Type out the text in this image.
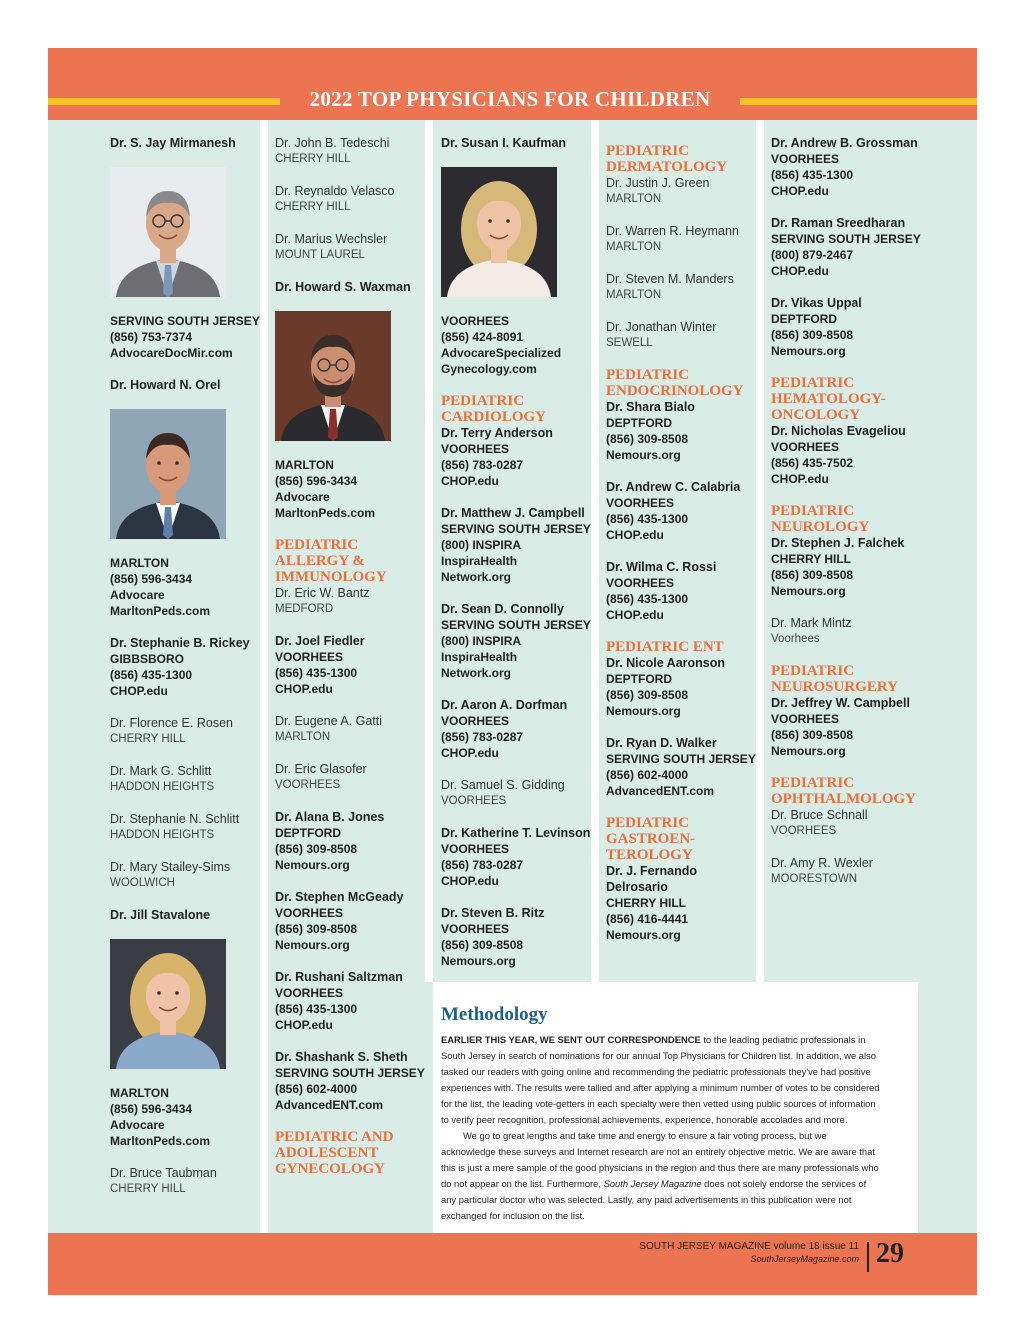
2022 TOP PHYSICIANS FOR CHILDREN
Dr. S. Jay Mirmanesh
SERVING SOUTH JERSEY
(856) 753-7374
AdvocareDocMir.com
Dr. Howard N. Orel
MARLTON
(856) 596-3434
Advocare
MarltonPeds.com
Dr. Stephanie B. Rickey
GIBBSBORO
(856) 435-1300
CHOP.edu
Dr. Florence E. Rosen
CHERRY HILL
Dr. Mark G. Schlitt
HADDON HEIGHTS
Dr. Stephanie N. Schlitt
HADDON HEIGHTS
Dr. Mary Stailey-Sims
WOOLWICH
Dr. Jill Stavalone
MARLTON
(856) 596-3434
Advocare
MarltonPeds.com
Dr. Bruce Taubman
CHERRY HILL
Dr. John B. Tedeschi
CHERRY HILL
Dr. Reynaldo Velasco
CHERRY HILL
Dr. Marius Wechsler
MOUNT LAUREL
Dr. Howard S. Waxman
MARLTON
(856) 596-3434
Advocare
MarltonPeds.com
PEDIATRIC ALLERGY & IMMUNOLOGY
Dr. Eric W. Bantz
MEDFORD
Dr. Joel Fiedler
VOORHEES
(856) 435-1300
CHOP.edu
Dr. Eugene A. Gatti
MARLTON
Dr. Eric Glasofer
VOORHEES
Dr. Alana B. Jones
DEPTFORD
(856) 309-8508
Nemours.org
Dr. Stephen McGeady
VOORHEES
(856) 309-8508
Nemours.org
Dr. Rushani Saltzman
VOORHEES
(856) 435-1300
CHOP.edu
Dr. Shashank S. Sheth
SERVING SOUTH JERSEY
(856) 602-4000
AdvancedENT.com
PEDIATRIC AND ADOLESCENT GYNECOLOGY
Dr. Susan I. Kaufman
VOORHEES
(856) 424-8091
AdvocareSpecialized
Gynecology.com
PEDIATRIC CARDIOLOGY
Dr. Terry Anderson
VOORHEES
(856) 783-0287
CHOP.edu
Dr. Matthew J. Campbell
SERVING SOUTH JERSEY
(800) INSPIRA
InspiraHealth
Network.org
Dr. Sean D. Connolly
SERVING SOUTH JERSEY
(800) INSPIRA
InspiraHealth
Network.org
Dr. Aaron A. Dorfman
VOORHEES
(856) 783-0287
CHOP.edu
Dr. Samuel S. Gidding
VOORHEES
Dr. Katherine T. Levinson
VOORHEES
(856) 783-0287
CHOP.edu
Dr. Steven B. Ritz
VOORHEES
(856) 309-8508
Nemours.org
PEDIATRIC DERMATOLOGY
Dr. Justin J. Green
MARLTON
Dr. Warren R. Heymann
MARLTON
Dr. Steven M. Manders
MARLTON
Dr. Jonathan Winter
SEWELL
PEDIATRIC ENDOCRINOLOGY
Dr. Shara Bialo
DEPTFORD
(856) 309-8508
Nemours.org
Dr. Andrew C. Calabria
VOORHEES
(856) 435-1300
CHOP.edu
Dr. Wilma C. Rossi
VOORHEES
(856) 435-1300
CHOP.edu
PEDIATRIC ENT
Dr. Nicole Aaronson
DEPTFORD
(856) 309-8508
Nemours.org
Dr. Ryan D. Walker
SERVING SOUTH JERSEY
(856) 602-4000
AdvancedENT.com
PEDIATRIC GASTROEN-TEROLOGY
Dr. J. Fernando Delrosario
CHERRY HILL
(856) 416-4441
Nemours.org
Dr. Andrew B. Grossman
VOORHEES
(856) 435-1300
CHOP.edu
Dr. Raman Sreedharan
SERVING SOUTH JERSEY
(800) 879-2467
CHOP.edu
Dr. Vikas Uppal
DEPTFORD
(856) 309-8508
Nemours.org
PEDIATRIC HEMATOLOGY-ONCOLOGY
Dr. Nicholas Evageliou
VOORHEES
(856) 435-7502
CHOP.edu
PEDIATRIC NEUROLOGY
Dr. Stephen J. Falchek
CHERRY HILL
(856) 309-8508
Nemours.org
Dr. Mark Mintz
Voorhees
PEDIATRIC NEUROSURGERY
Dr. Jeffrey W. Campbell
VOORHEES
(856) 309-8508
Nemours.org
PEDIATRIC OPHTHALMOLOGY
Dr. Bruce Schnall
VOORHEES
Dr. Amy R. Wexler
MOORESTOWN
Methodology

EARLIER THIS YEAR, WE SENT OUT CORRESPONDENCE to the leading pediatric professionals in South Jersey in search of nominations for our annual Top Physicians for Children list. In addition, we also tasked our readers with going online and recommending the pediatric professionals they've had positive experiences with. The results were tallied and after applying a minimum number of votes to be considered for the list, the leading vote-getters in each specialty were then vetted using public sources of information to verify peer recognition, professional achievements, experience, honorable accolades and more.

We go to great lengths and take time and energy to ensure a fair voting process, but we acknowledge these surveys and Internet research are not an entirely objective metric. We are aware that this is just a mere sample of the good physicians in the region and thus there are many professionals who do not appear on the list. Furthermore, South Jersey Magazine does not solely endorse the services of any particular doctor who was selected. Lastly, any paid advertisements in this publication were not exchanged for inclusion on the list.

SOUTH JERSEY MAGAZINE volume 18 issue 11
SouthJerseyMagazine.com 29
